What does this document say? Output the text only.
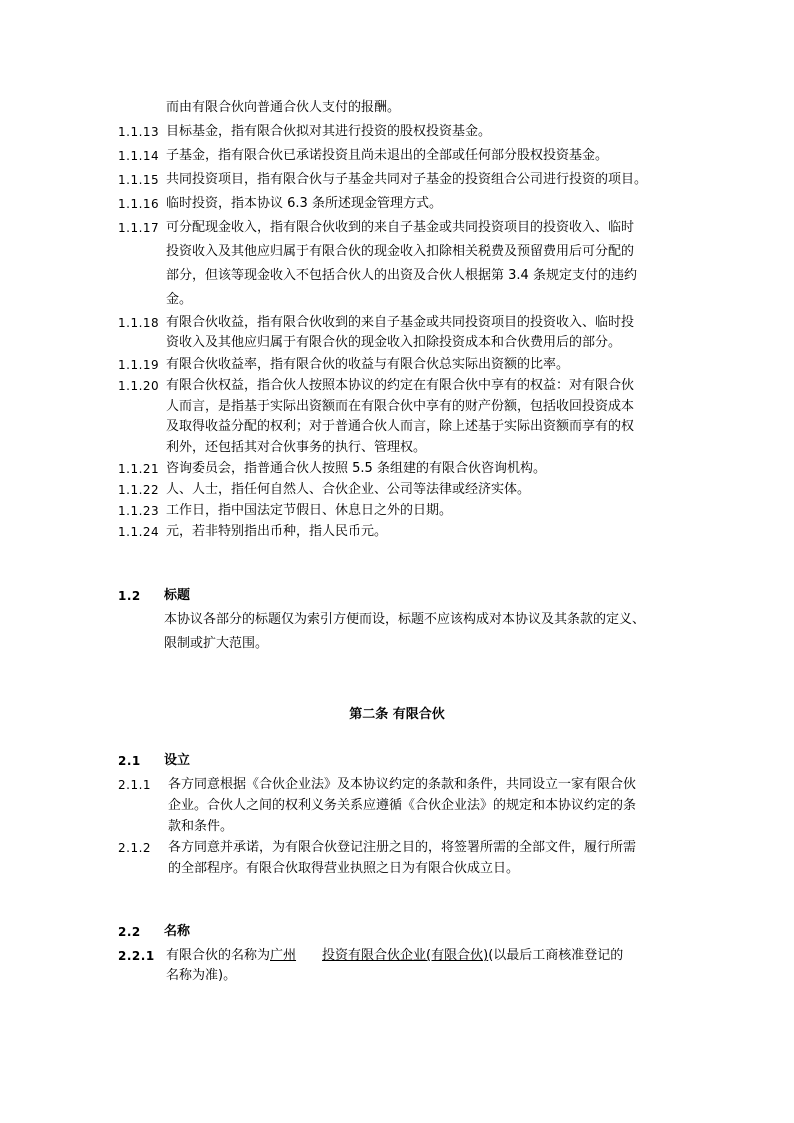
而由有限合伙向普通合伙人支付的报酬。
1.1.13 目标基金，指有限合伙拟对其进行投资的股权投资基金。
1.1.14 子基金，指有限合伙已承诺投资且尚未退出的全部或任何部分股权投资基金。
1.1.15 共同投资项目，指有限合伙与子基金共同对子基金的投资组合公司进行投资的项目。
1.1.16 临时投资，指本协议 6.3 条所述现金管理方式。
1.1.17 可分配现金收入，指有限合伙收到的来自子基金或共同投资项目的投资收入、临时
投资收入及其他应归属于有限合伙的现金收入扣除相关税费及预留费用后可分配的
部分，但该等现金收入不包括合伙人的出资及合伙人根据第 3.4 条规定支付的违约
金。
1.1.18 有限合伙收益，指有限合伙收到的来自子基金或共同投资项目的投资收入、临时投
资收入及其他应归属于有限合伙的现金收入扣除投资成本和合伙费用后的部分。
1.1.19 有限合伙收益率，指有限合伙的收益与有限合伙总实际出资额的比率。
1.1.20 有限合伙权益，指合伙人按照本协议的约定在有限合伙中享有的权益：对有限合伙
人而言，是指基于实际出资额而在有限合伙中享有的财产份额，包括收回投资成本
及取得收益分配的权利；对于普通合伙人而言，除上述基于实际出资额而享有的权
利外，还包括其对合伙事务的执行、管理权。
1.1.21 咨询委员会，指普通合伙人按照 5.5 条组建的有限合伙咨询机构。
1.1.22 人、人士，指任何自然人、合伙企业、公司等法律或经济实体。
1.1.23 工作日，指中国法定节假日、休息日之外的日期。
1.1.24 元，若非特别指出币种，指人民币元。
1.2 标题
本协议各部分的标题仅为索引方便而设，标题不应该构成对本协议及其条款的定义、
限制或扩大范围。
第二条 有限合伙
2.1 设立
2.1.1 各方同意根据《合伙企业法》及本协议约定的条款和条件，共同设立一家有限合伙
企业。合伙人之间的权利义务关系应遵循《合伙企业法》的规定和本协议约定的条
款和条件。
2.1.2 各方同意并承诺，为有限合伙登记注册之目的，将签署所需的全部文件，履行所需
的全部程序。有限合伙取得营业执照之日为有限合伙成立日。
2.2 名称
2.2.1 有限合伙的名称为广州 投资有限合伙企业(有限合伙)(以最后工商核准登记的
名称为准)。
